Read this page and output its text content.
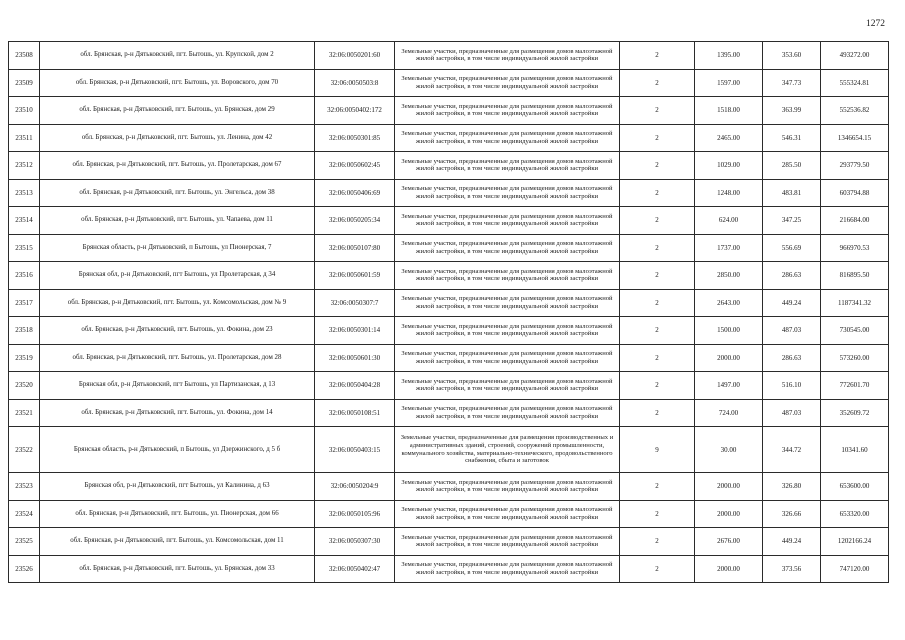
1272
23508	обл. Брянская, р-н Дятьковский, пгт. Бытошь, ул. Крупской, дом 2	32:06:0050201:60	Земельные участки, предназначенные для размещения домов малоэтажной жилой застройки, в том числе индивидуальной жилой застройки	2	1395.00	353.60	493272.00
23509	обл. Брянская, р-н Дятьковский, пгт. Бытошь, ул. Воровского, дом 70	32:06:0050503:8	Земельные участки, предназначенные для размещения домов малоэтажной жилой застройки, в том числе индивидуальной жилой застройки	2	1597.00	347.73	555324.81
23510	обл. Брянская, р-н Дятьковский, пгт. Бытошь, ул. Брянская, дом 29	32:06:0050402:172	Земельные участки, предназначенные для размещения домов малоэтажной жилой застройки, в том числе индивидуальной жилой застройки	2	1518.00	363.99	552536.82
23511	обл. Брянская, р-н Дятьковский, пгт. Бытошь, ул. Ленина, дом 42	32:06:0050301:85	Земельные участки, предназначенные для размещения домов малоэтажной жилой застройки, в том числе индивидуальной жилой застройки	2	2465.00	546.31	1346654.15
23512	обл. Брянская, р-н Дятьковский, пгт. Бытошь, ул. Пролетарская, дом 67	32:06:0050602:45	Земельные участки, предназначенные для размещения домов малоэтажной жилой застройки, в том числе индивидуальной жилой застройки	2	1029.00	285.50	293779.50
23513	обл. Брянская, р-н Дятьковский, пгт. Бытошь, ул. Энгельса, дом 38	32:06:0050406:69	Земельные участки, предназначенные для размещения домов малоэтажной жилой застройки, в том числе индивидуальной жилой застройки	2	1248.00	483.81	603794.88
23514	обл. Брянская, р-н Дятьковский, пгт. Бытошь, ул. Чапаева, дом 11	32:06:0050205:34	Земельные участки, предназначенные для размещения домов малоэтажной жилой застройки, в том числе индивидуальной жилой застройки	2	624.00	347.25	216684.00
23515	Брянская область, р-н Дятьковский, п Бытошь, ул Пионерская, 7	32:06:0050107:80	Земельные участки, предназначенные для размещения домов малоэтажной жилой застройки, в том числе индивидуальной жилой застройки	2	1737.00	556.69	966970.53
23516	Брянская обл, р-н Дятьковский, пгт Бытошь, ул Пролетарская, д 34	32:06:0050601:59	Земельные участки, предназначенные для размещения домов малоэтажной жилой застройки, в том числе индивидуальной жилой застройки	2	2850.00	286.63	816895.50
23517	обл. Брянская, р-н Дятьковский, пгт. Бытошь, ул. Комсомольская, дом № 9	32:06:0050307:7	Земельные участки, предназначенные для размещения домов малоэтажной жилой застройки, в том числе индивидуальной жилой застройки	2	2643.00	449.24	1187341.32
23518	обл. Брянская, р-н Дятьковский, пгт. Бытошь, ул. Фокина, дом 23	32:06:0050301:14	Земельные участки, предназначенные для размещения домов малоэтажной жилой застройки, в том числе индивидуальной жилой застройки	2	1500.00	487.03	730545.00
23519	обл. Брянская, р-н Дятьковский, пгт. Бытошь, ул. Пролетарская, дом 28	32:06:0050601:30	Земельные участки, предназначенные для размещения домов малоэтажной жилой застройки, в том числе индивидуальной жилой застройки	2	2000.00	286.63	573260.00
23520	Брянская обл, р-н Дятьковский, пгт Бытошь, ул Партизанская, д 13	32:06:0050404:28	Земельные участки, предназначенные для размещения домов малоэтажной жилой застройки, в том числе индивидуальной жилой застройки	2	1497.00	516.10	772601.70
23521	обл. Брянская, р-н Дятьковский, пгт. Бытошь, ул. Фокина, дом 14	32:06:0050108:51	Земельные участки, предназначенные для размещения домов малоэтажной жилой застройки, в том числе индивидуальной жилой застройки	2	724.00	487.03	352609.72
23522	Брянская область, р-н Дятьковский, п Бытошь, ул Дзержинского, д 5 б	32:06:0050403:15	Земельные участки, предназначенные для размещения производственных и административных зданий, строений, сооружений промышленности, коммунального хозяйства, материально-технического, продовольственного снабжения, сбыта и заготовок	9	30.00	344.72	10341.60
23523	Брянская обл, р-н Дятьковский, пгт Бытошь, ул Калинина, д 63	32:06:0050204:9	Земельные участки, предназначенные для размещения домов малоэтажной жилой застройки, в том числе индивидуальной жилой застройки	2	2000.00	326.80	653600.00
23524	обл. Брянская, р-н Дятьковский, пгт. Бытошь, ул. Пионерская, дом 66	32:06:0050105:96	Земельные участки, предназначенные для размещения домов малоэтажной жилой застройки, в том числе индивидуальной жилой застройки	2	2000.00	326.66	653320.00
23525	обл. Брянская, р-н Дятьковский, пгт. Бытошь, ул. Комсомольская, дом 11	32:06:0050307:30	Земельные участки, предназначенные для размещения домов малоэтажной жилой застройки, в том числе индивидуальной жилой застройки	2	2676.00	449.24	1202166.24
23526	обл. Брянская, р-н Дятьковский, пгт. Бытошь, ул. Брянская, дом 33	32:06:0050402:47	Земельные участки, предназначенные для размещения домов малоэтажной жилой застройки, в том числе индивидуальной жилой застройки	2	2000.00	373.56	747120.00
